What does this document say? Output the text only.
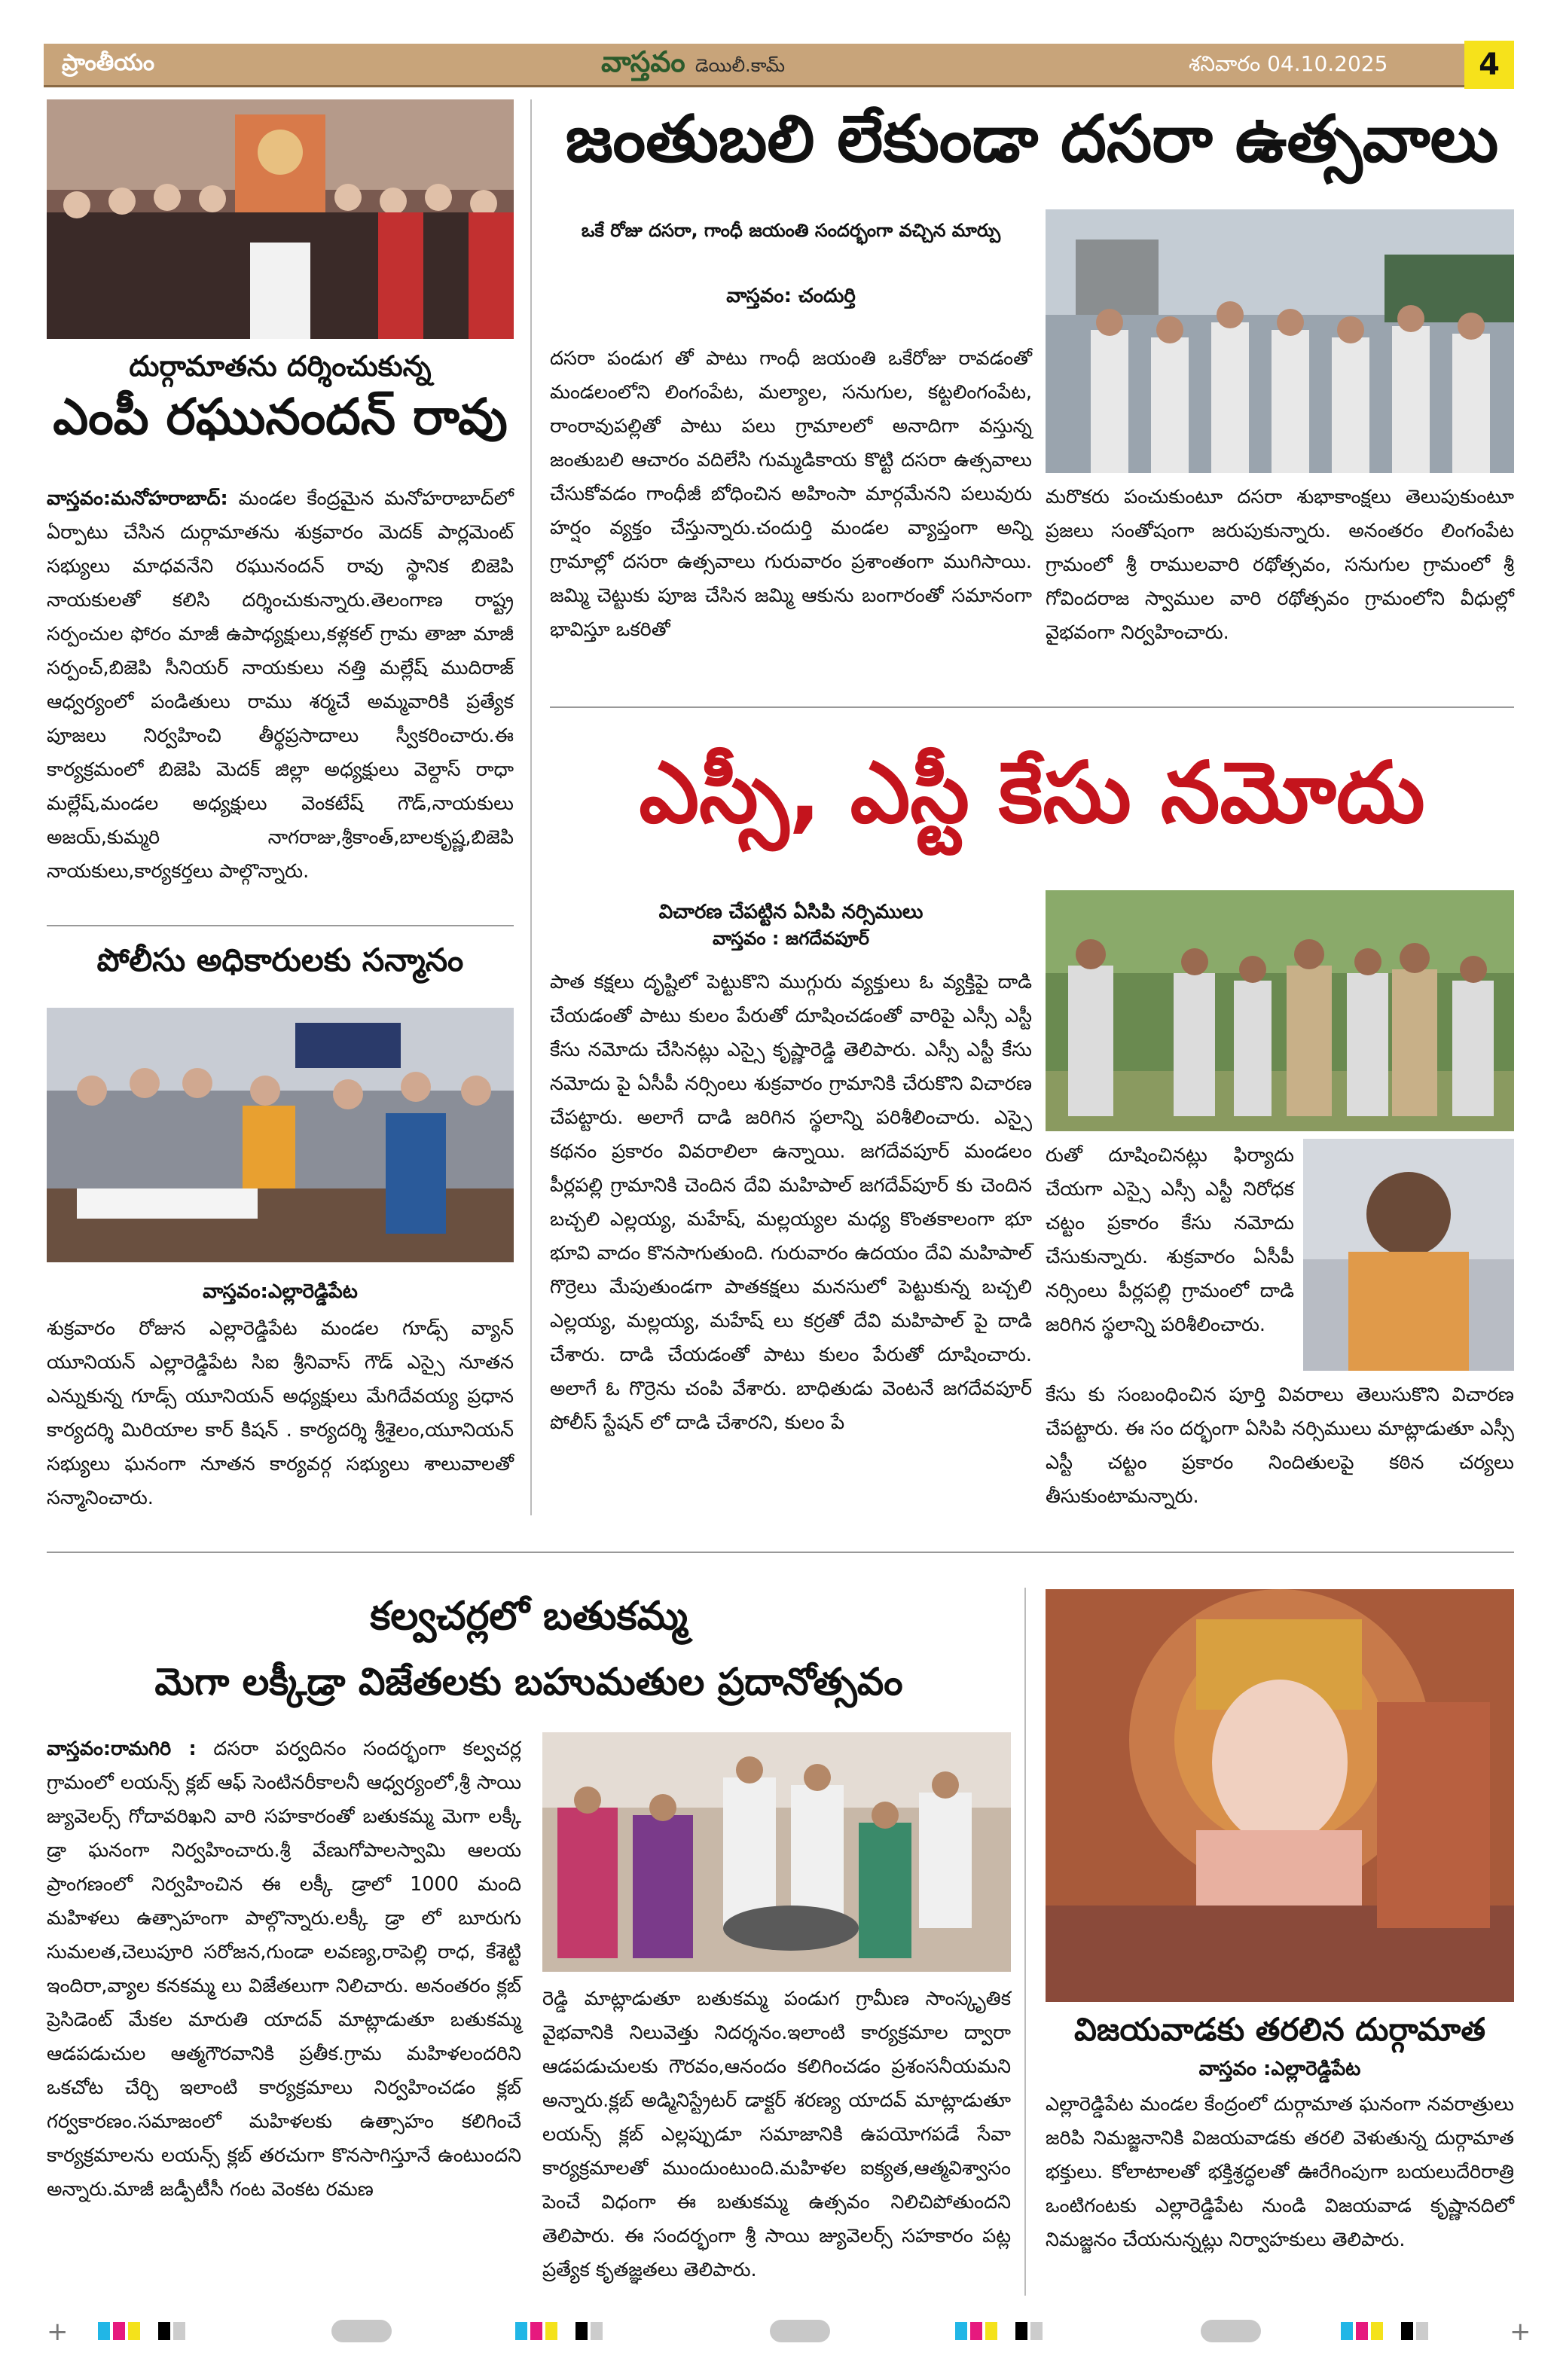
ప్రాంతీయం	వాస్తవం డెయిలీ.కామ్	శనివారం 04.10.2025	4
దుర్గామాతను దర్శించుకున్న
ఎంపీ రఘునందన్ రావు
వాస్తవం:మనోహరాబాద్: మండల కేంద్రమైన మనోహరాబాద్‌లో ఏర్పాటు చేసిన దుర్గామాతను శుక్రవారం మెదక్ పార్లమెంట్ సభ్యులు మాధవనేని రఘునందన్ రావు స్థానిక బిజెపి నాయకులతో కలిసి దర్శించుకున్నారు.తెలంగాణ రాష్ట్ర సర్పంచుల ఫోరం మాజీ ఉపాధ్యక్షులు,కళ్లకల్ గ్రామ తాజా మాజీ సర్పంచ్,బిజెపి సీనియర్ నాయకులు నత్తి మల్లేష్ ముదిరాజ్ ఆధ్వర్యంలో పండితులు రాము శర్మచే అమ్మవారికి ప్రత్యేక పూజలు నిర్వహించి తీర్థప్రసాదాలు స్వీకరించారు.ఈ కార్యక్రమంలో బిజెపి మెదక్ జిల్లా అధ్యక్షులు వెల్దాస్ రాధా మల్లేష్,మండల అధ్యక్షులు వెంకటేష్ గౌడ్,నాయకులు అజయ్,కుమ్మరి నాగరాజు,శ్రీకాంత్,బాలకృష్ణ,బిజెపి నాయకులు,కార్యకర్తలు పాల్గొన్నారు.
పోలీసు అధికారులకు సన్మానం
వాస్తవం:ఎల్లారెడ్డిపేట
శుక్రవారం రోజున ఎల్లారెడ్డిపేట మండల గూడ్స్ వ్యాన్ యూనియన్ ఎల్లారెడ్డిపేట సిఐ శ్రీనివాస్ గౌడ్ ఎస్సై నూతన ఎన్నుకున్న గూడ్స్ యూనియన్ అధ్యక్షులు మేగిదేవయ్య ప్రధాన కార్యదర్శి మిరియాల కార్ కిషన్ . కార్యదర్శి శ్రీశైలం,యూనియన్ సభ్యులు ఘనంగా నూతన కార్యవర్గ సభ్యులు శాలువాలతో సన్మానించారు.
జంతుబలి లేకుండా దసరా ఉత్సవాలు
ఒకే రోజు దసరా, గాంధీ జయంతి సందర్భంగా వచ్చిన మార్పు
వాస్తవం: చందుర్తి
దసరా పండుగ తో పాటు గాంధీ జయంతి ఒకేరోజు రావడంతో మండలంలోని లింగంపేట, మల్యాల, సనుగుల, కట్టలింగంపేట, రాంరావుపల్లితో పాటు పలు గ్రామాలలో అనాదిగా వస్తున్న జంతుబలి ఆచారం వదిలేసి గుమ్మడికాయ కొట్టి దసరా ఉత్సవాలు చేసుకోవడం గాంధీజీ బోధించిన అహింసా మార్గమేనని పలువురు హర్షం వ్యక్తం చేస్తున్నారు.చందుర్తి మండల వ్యాప్తంగా అన్ని గ్రామాల్లో దసరా ఉత్సవాలు గురువారం ప్రశాంతంగా ముగిసాయి. జమ్మి చెట్టుకు పూజ చేసిన జమ్మి ఆకును బంగారంతో సమానంగా భావిస్తూ ఒకరితో
మరొకరు పంచుకుంటూ దసరా శుభాకాంక్షలు తెలుపుకుంటూ ప్రజలు సంతోషంగా జరుపుకున్నారు. అనంతరం లింగంపేట గ్రామంలో శ్రీ రాములవారి రథోత్సవం, సనుగుల గ్రామంలో శ్రీ గోవిందరాజ స్వాముల వారి రథోత్సవం గ్రామంలోని వీధుల్లో వైభవంగా నిర్వహించారు.
ఎస్సీ, ఎస్టీ కేసు నమోదు
విచారణ చేపట్టిన ఏసిపి నర్సిములు
వాస్తవం : జగదేవపూర్
పాత కక్షలు దృష్టిలో పెట్టుకొని ముగ్గురు వ్యక్తులు ఓ వ్యక్తిపై దాడి చేయడంతో పాటు కులం పేరుతో దూషించడంతో వారిపై ఎస్సీ ఎస్టీ కేసు నమోదు చేసినట్లు ఎస్సై కృష్ణారెడ్డి తెలిపారు. ఎస్సీ ఎస్టీ కేసు నమోదు పై ఏసీపీ నర్సింలు శుక్రవారం గ్రామానికి చేరుకొని విచారణ చేపట్టారు. అలాగే దాడి జరిగిన స్థలాన్ని పరిశీలించారు. ఎస్సై కథనం ప్రకారం వివరాలిలా ఉన్నాయి. జగదేవపూర్ మండలం పీర్లపల్లి గ్రామానికి చెందిన దేవి మహిపాల్ జగదేవ్‌పూర్ కు చెందిన బచ్చలి ఎల్లయ్య, మహేష్, మల్లయ్యల మధ్య కొంతకాలంగా భూ భూవి వాదం కొనసాగుతుంది. గురువారం ఉదయం దేవి మహిపాల్ గొర్రెలు మేపుతుండగా పాతకక్షలు మనసులో పెట్టుకున్న బచ్చలి ఎల్లయ్య, మల్లయ్య, మహేష్ లు కర్రతో దేవి మహిపాల్ పై దాడి చేశారు. దాడి చేయడంతో పాటు కులం పేరుతో దూషించారు. అలాగే ఓ గొర్రెను చంపి వేశారు. బాధితుడు వెంటనే జగదేవపూర్ పోలీస్ స్టేషన్ లో దాడి చేశారని, కులం పే
రుతో దూషించినట్లు ఫిర్యాదు చేయగా ఎస్సై ఎస్సీ ఎస్టీ నిరోధక చట్టం ప్రకారం కేసు నమోదు చేసుకున్నారు. శుక్రవారం ఏసీపీ నర్సింలు పీర్లపల్లి గ్రామంలో దాడి జరిగిన స్థలాన్ని పరిశీలించారు.
కేసు కు సంబంధించిన పూర్తి వివరాలు తెలుసుకొని విచారణ చేపట్టారు. ఈ సం దర్భంగా ఏసిపి నర్సిములు మాట్లాడుతూ ఎస్సీ ఎస్టీ చట్టం ప్రకారం నిందితులపై కఠిన చర్యలు తీసుకుంటామన్నారు.
కల్వచర్లలో బతుకమ్మ
మెగా లక్కీడ్రా విజేతలకు బహుమతుల ప్రదానోత్సవం
వాస్తవం:రామగిరి : దసరా పర్వదినం సందర్భంగా కల్వచర్ల గ్రామంలో లయన్స్ క్లబ్ ఆఫ్ సెంటినరీకాలనీ ఆధ్వర్యంలో,శ్రీ సాయి జ్యువెలర్స్ గోదావరిఖని వారి సహకారంతో బతుకమ్మ మెగా లక్కీ డ్రా ఘనంగా నిర్వహించారు.శ్రీ వేణుగోపాలస్వామి ఆలయ ప్రాంగణంలో నిర్వహించిన ఈ లక్కీ డ్రాలో 1000 మంది మహిళలు ఉత్సాహంగా పాల్గొన్నారు.లక్కీ డ్రా లో బూరుగు సుమలత,చెలుపూరి సరోజన,గుండా లవణ్య,రాపెల్లి రాధ, కేశెట్టి ఇందిరా,వ్యాల కనకమ్మ లు విజేతలుగా నిలిచారు. అనంతరం క్లబ్ ప్రెసిడెంట్ మేకల మారుతి యాదవ్ మాట్లాడుతూ బతుకమ్మ ఆడపడుచుల ఆత్మగౌరవానికి ప్రతీక.గ్రామ మహిళలందరిని ఒకచోట చేర్చి ఇలాంటి కార్యక్రమాలు నిర్వహించడం క్లబ్ గర్వకారణం.సమాజంలో మహిళలకు ఉత్సాహం కలిగించే కార్యక్రమాలను లయన్స్ క్లబ్ తరచుగా కొనసాగిస్తూనే ఉంటుందని అన్నారు.మాజీ జడ్పీటీసీ గంట వెంకట రమణ
రెడ్డి మాట్లాడుతూ బతుకమ్మ పండుగ గ్రామీణ సాంస్కృతిక వైభవానికి నిలువెత్తు నిదర్శనం.ఇలాంటి కార్యక్రమాల ద్వారా ఆడపడుచులకు గౌరవం,ఆనందం కలిగించడం ప్రశంసనీయమని అన్నారు.క్లబ్ అడ్మినిస్ట్రేటర్ డాక్టర్ శరణ్య యాదవ్ మాట్లాడుతూ లయన్స్ క్లబ్ ఎల్లప్పుడూ సమాజానికి ఉపయోగపడే సేవా కార్యక్రమాలతో ముందుంటుంది.మహిళల ఐక్యత,ఆత్మవిశ్వాసం పెంచే విధంగా ఈ బతుకమ్మ ఉత్సవం నిలిచిపోతుందని తెలిపారు. ఈ సందర్భంగా శ్రీ సాయి జ్యువెలర్స్ సహకారం పట్ల ప్రత్యేక కృతజ్ఞతలు తెలిపారు.
విజయవాడకు తరలిన దుర్గామాత
వాస్తవం :ఎల్లారెడ్డిపేట
ఎల్లారెడ్డిపేట మండల కేంద్రంలో దుర్గామాత ఘనంగా నవరాత్రులు జరిపి నిమజ్జనానికి విజయవాడకు తరలి వెళుతున్న దుర్గామాత భక్తులు. కోలాటాలతో భక్తిశ్రద్ధలతో ఊరేగింపుగా బయలుదేరిరాత్రి ఒంటిగంటకు ఎల్లారెడ్డిపేట నుండి విజయవాడ కృష్ణానదిలో నిమజ్జనం చేయనున్నట్లు నిర్వాహకులు తెలిపారు.
+	+
